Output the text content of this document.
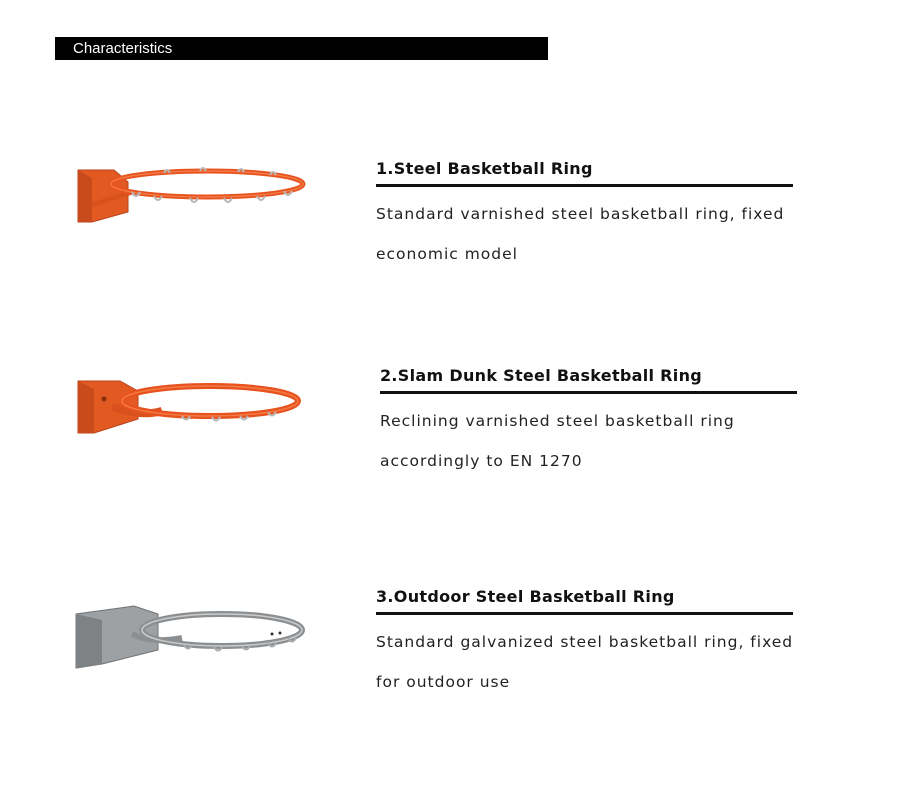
Characteristics
1.Steel Basketball Ring
Standard varnished steel basketball ring, fixed
economic model
2.Slam Dunk Steel Basketball Ring
Reclining varnished steel basketball ring
accordingly to EN 1270
3.Outdoor Steel Basketball Ring
Standard galvanized steel basketball ring, fixed
for outdoor use
